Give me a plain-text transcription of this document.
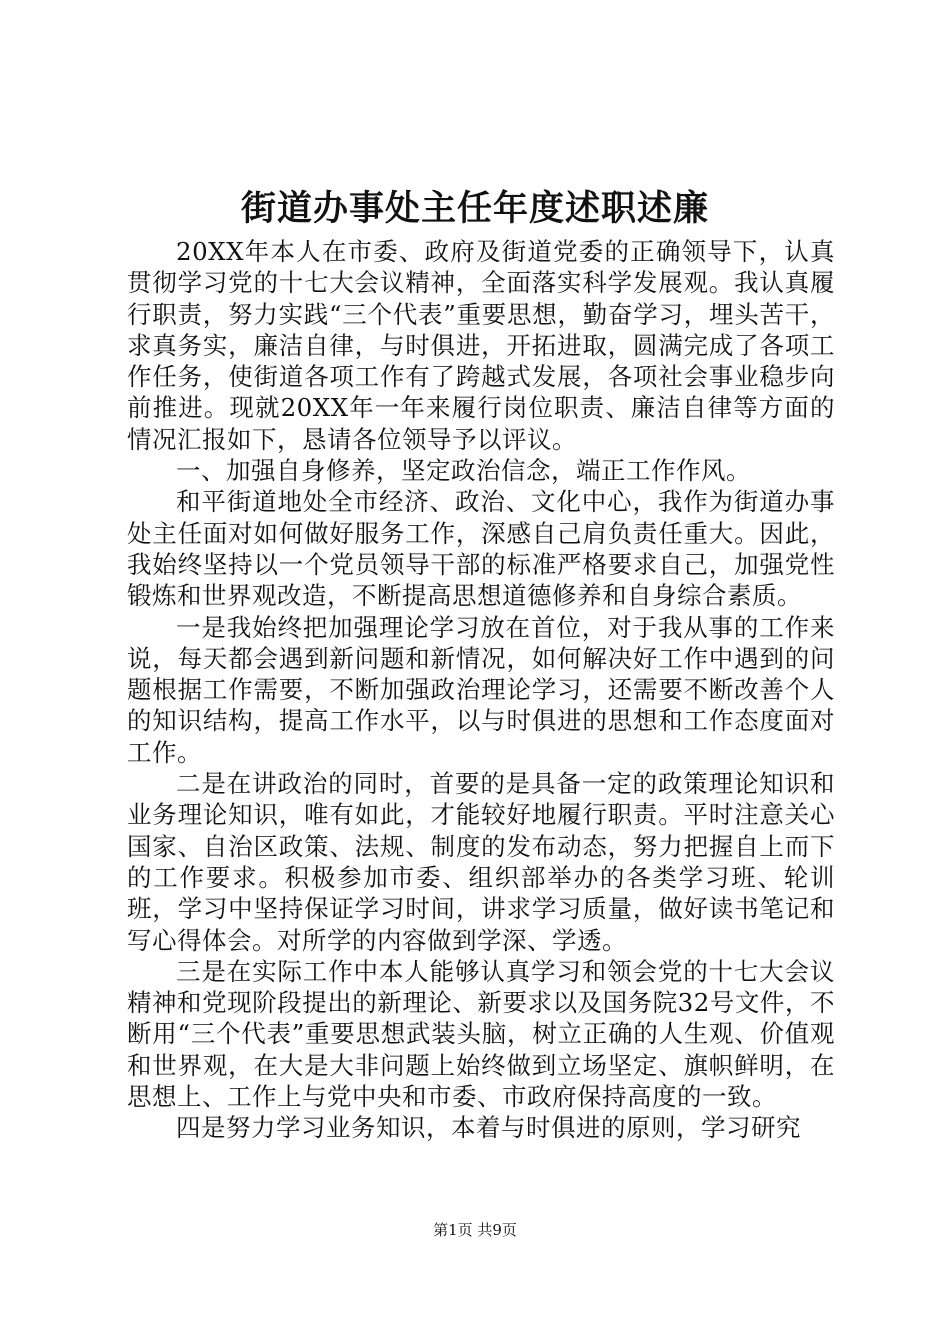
街道办事处主任年度述职述廉

20XX年本人在市委、政府及街道党委的正确领导下，认真贯彻学习党的十七大会议精神，全面落实科学发展观。我认真履行职责，努力实践“三个代表”重要思想，勤奋学习，埋头苦干，求真务实，廉洁自律，与时俱进，开拓进取，圆满完成了各项工作任务，使街道各项工作有了跨越式发展，各项社会事业稳步向前推进。现就20XX年一年来履行岗位职责、廉洁自律等方面的情况汇报如下，恳请各位领导予以评议。

一、加强自身修养，坚定政治信念，端正工作作风。

和平街道地处全市经济、政治、文化中心，我作为街道办事处主任面对如何做好服务工作，深感自己肩负责任重大。因此，我始终坚持以一个党员领导干部的标准严格要求自己，加强党性锻炼和世界观改造，不断提高思想道德修养和自身综合素质。

一是我始终把加强理论学习放在首位，对于我从事的工作来说，每天都会遇到新问题和新情况，如何解决好工作中遇到的问题根据工作需要，不断加强政治理论学习，还需要不断改善个人的知识结构，提高工作水平，以与时俱进的思想和工作态度面对工作。

二是在讲政治的同时，首要的是具备一定的政策理论知识和业务理论知识，唯有如此，才能较好地履行职责。平时注意关心国家、自治区政策、法规、制度的发布动态，努力把握自上而下的工作要求。积极参加市委、组织部举办的各类学习班、轮训班，学习中坚持保证学习时间，讲求学习质量，做好读书笔记和写心得体会。对所学的内容做到学深、学透。

三是在实际工作中本人能够认真学习和领会党的十七大会议精神和党现阶段提出的新理论、新要求以及国务院32号文件，不断用“三个代表”重要思想武装头脑，树立正确的人生观、价值观和世界观，在大是大非问题上始终做到立场坚定、旗帜鲜明，在思想上、工作上与党中央和市委、市政府保持高度的一致。

四是努力学习业务知识，本着与时俱进的原则，学习研究

第1页 共9页
